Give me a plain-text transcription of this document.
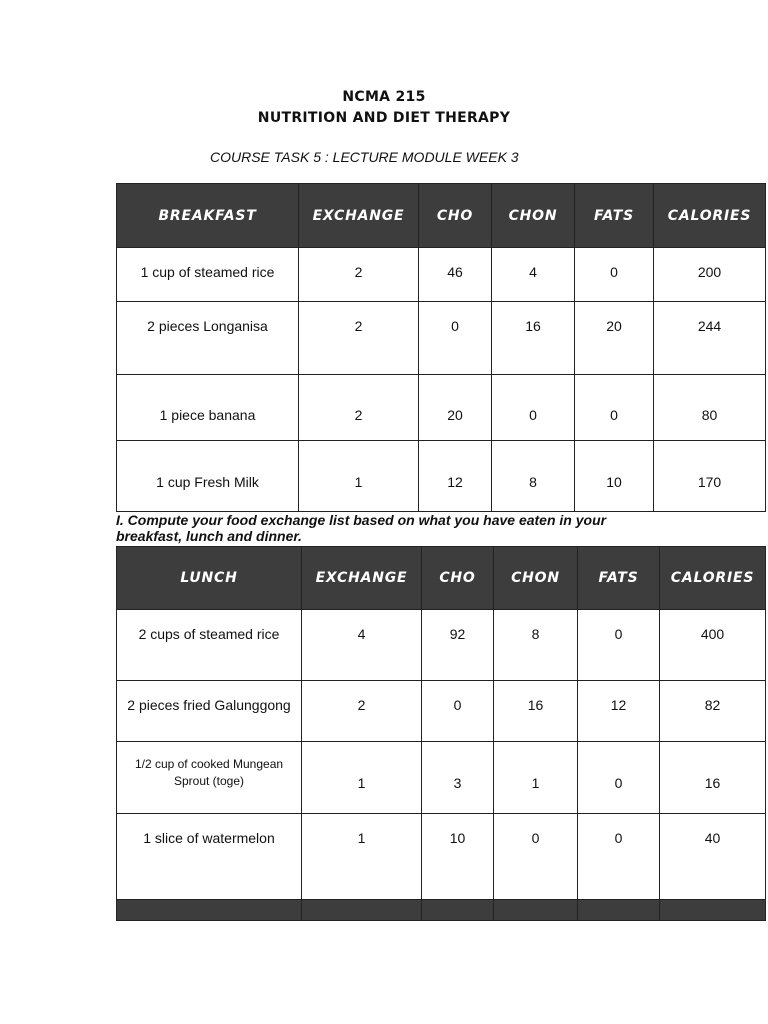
NCMA 215
NUTRITION AND DIET THERAPY
COURSE TASK 5 : LECTURE MODULE WEEK 3
BREAKFAST	EXCHANGE	CHO	CHON	FATS	CALORIES
1 cup of steamed rice	2	46	4	0	200
2 pieces Longanisa	2	0	16	20	244
1 piece banana	2	20	0	0	80
1 cup Fresh Milk	1	12	8	10	170
I. Compute your food exchange list based on what you have eaten in your breakfast, lunch and dinner.
LUNCH	EXCHANGE	CHO	CHON	FATS	CALORIES
2 cups of steamed rice	4	92	8	0	400
2 pieces fried Galunggong	2	0	16	12	82
1/2 cup of cooked Mungean Sprout (toge)	1	3	1	0	16
1 slice of watermelon	1	10	0	0	40
